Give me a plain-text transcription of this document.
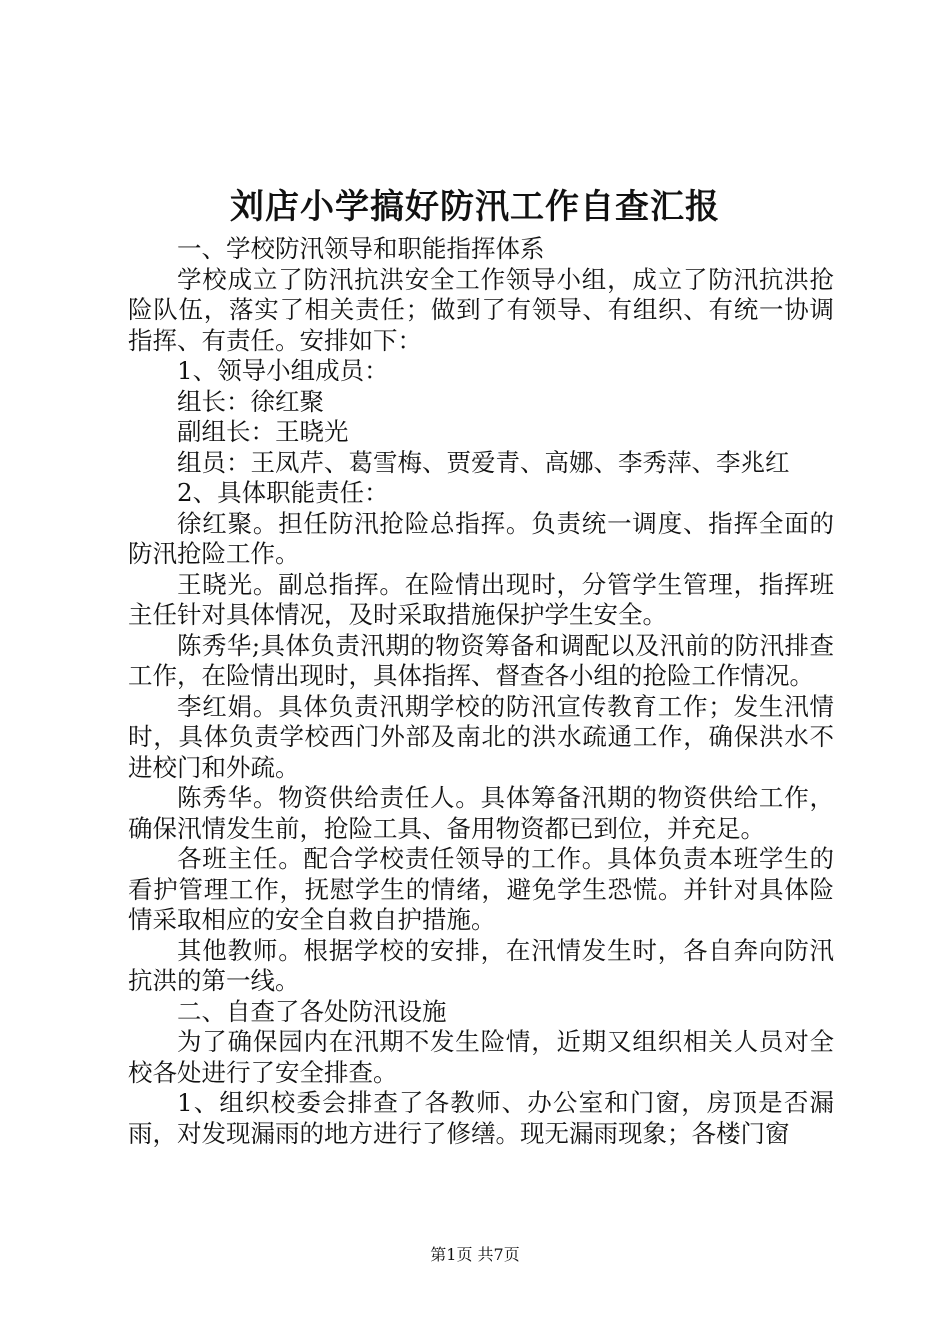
刘店小学搞好防汛工作自查汇报

一、学校防汛领导和职能指挥体系

学校成立了防汛抗洪安全工作领导小组，成立了防汛抗洪抢险队伍，落实了相关责任；做到了有领导、有组织、有统一协调指挥、有责任。安排如下：

1、领导小组成员：

组长：徐红聚

副组长：王晓光

组员：王凤芹、葛雪梅、贾爱青、高娜、李秀萍、李兆红

2、具体职能责任：

徐红聚。担任防汛抢险总指挥。负责统一调度、指挥全面的防汛抢险工作。

王晓光。副总指挥。在险情出现时，分管学生管理，指挥班主任针对具体情况，及时采取措施保护学生安全。

陈秀华;具体负责汛期的物资筹备和调配以及汛前的防汛排查工作，在险情出现时，具体指挥、督查各小组的抢险工作情况。

李红娟。具体负责汛期学校的防汛宣传教育工作；发生汛情时，具体负责学校西门外部及南北的洪水疏通工作，确保洪水不进校门和外疏。

陈秀华。物资供给责任人。具体筹备汛期的物资供给工作，确保汛情发生前，抢险工具、备用物资都已到位，并充足。

各班主任。配合学校责任领导的工作。具体负责本班学生的看护管理工作，抚慰学生的情绪，避免学生恐慌。并针对具体险情采取相应的安全自救自护措施。

其他教师。根据学校的安排，在汛情发生时，各自奔向防汛抗洪的第一线。

二、自查了各处防汛设施

为了确保园内在汛期不发生险情，近期又组织相关人员对全校各处进行了安全排查。

1、组织校委会排查了各教师、办公室和门窗，房顶是否漏雨，对发现漏雨的地方进行了修缮。现无漏雨现象；各楼门窗

第1页 共7页
